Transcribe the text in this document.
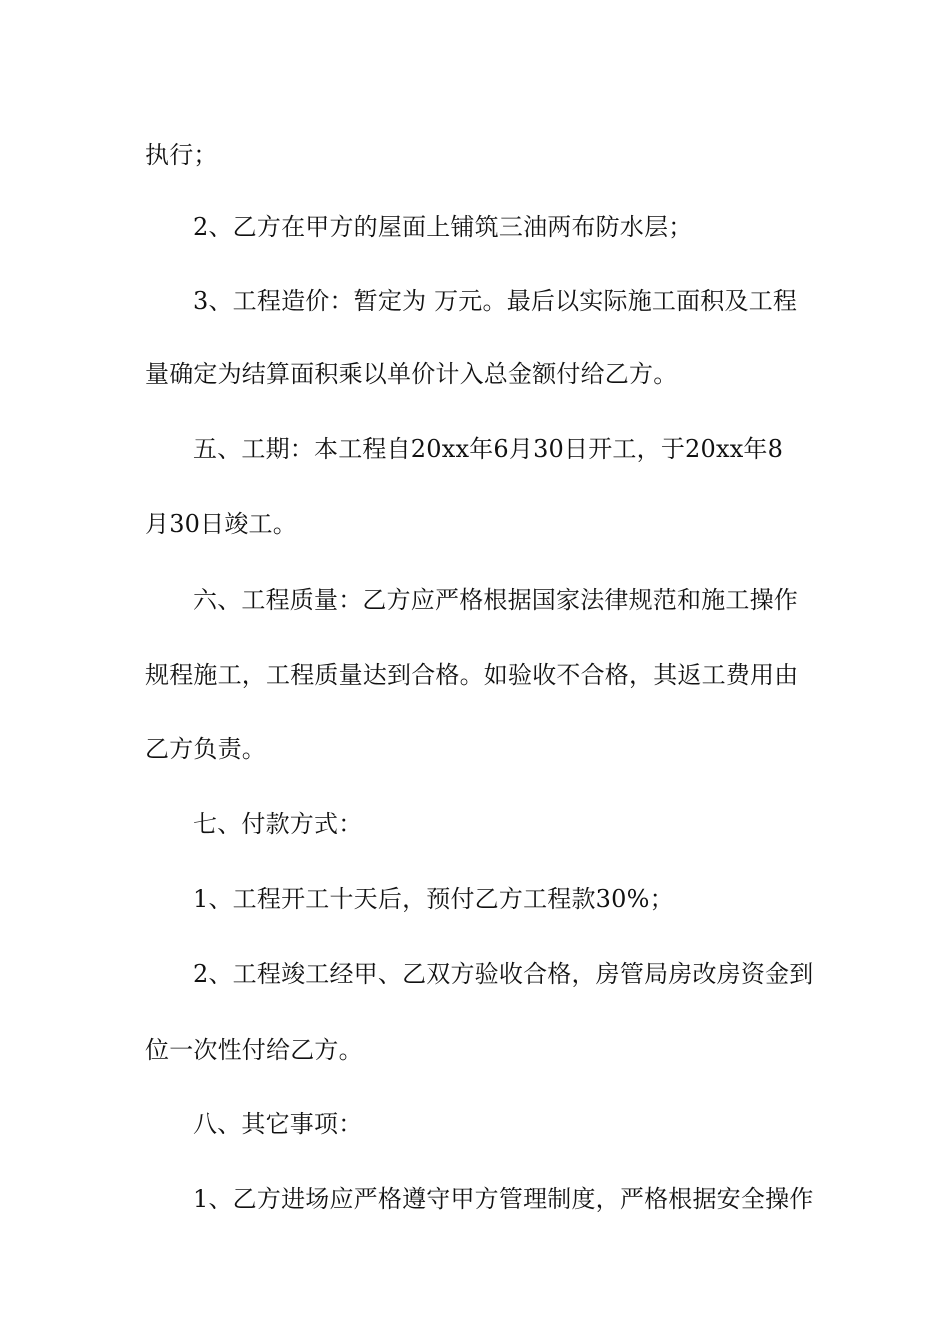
执行；

2、乙方在甲方的屋面上铺筑三油两布防水层；

3、工程造价：暂定为 万元。最后以实际施工面积及工程

量确定为结算面积乘以单价计入总金额付给乙方。

五、工期：本工程自20xx年6月30日开工，于20xx年8

月30日竣工。

六、工程质量：乙方应严格根据国家法律规范和施工操作

规程施工，工程质量达到合格。如验收不合格，其返工费用由

乙方负责。

七、付款方式：

1、工程开工十天后，预付乙方工程款30%；

2、工程竣工经甲、乙双方验收合格，房管局房改房资金到

位一次性付给乙方。

八、其它事项：

1、乙方进场应严格遵守甲方管理制度，严格根据安全操作
